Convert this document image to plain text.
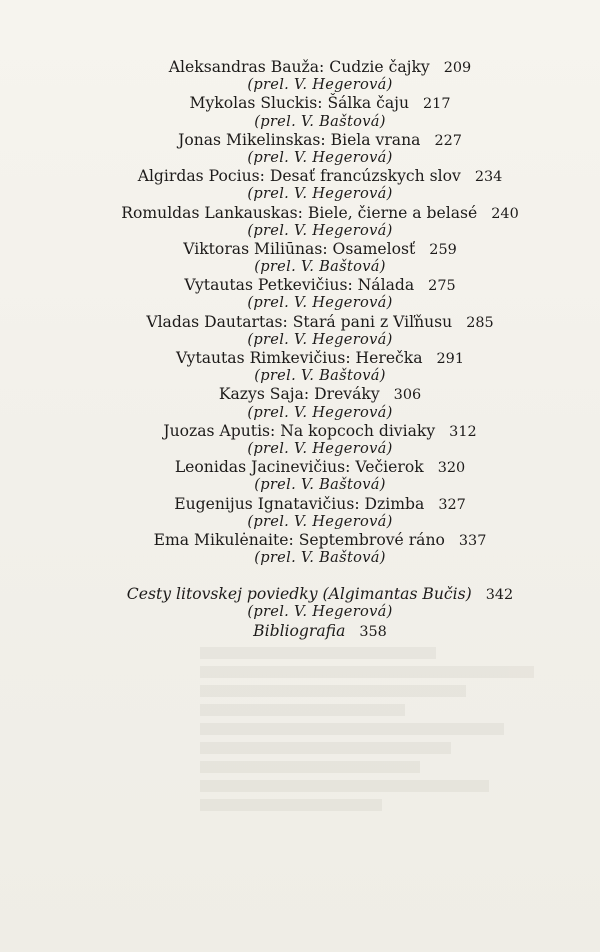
Aleksandras Bauža: Cudzie čajky 209
(prel. V. Hegerová)
Mykolas Sluckis: Šálka čaju 217
(prel. V. Baštová)
Jonas Mikelinskas: Biela vrana 227
(prel. V. Hegerová)
Algirdas Pocius: Desať francúzskych slov 234
(prel. V. Hegerová)
Romuldas Lankauskas: Biele, čierne a belasé 240
(prel. V. Hegerová)
Viktoras Miliūnas: Osamelosť 259
(prel. V. Baštová)
Vytautas Petkevičius: Nálada 275
(prel. V. Hegerová)
Vladas Dautartas: Stará pani z Viľňusu 285
(prel. V. Hegerová)
Vytautas Rimkevičius: Herečka 291
(prel. V. Baštová)
Kazys Saja: Dreváky 306
(prel. V. Hegerová)
Juozas Aputis: Na kopcoch diviaky 312
(prel. V. Hegerová)
Leonidas Jacinevičius: Večierok 320
(prel. V. Baštová)
Eugenijus Ignatavičius: Dzimba 327
(prel. V. Hegerová)
Ema Mikulėnaite: Septembrové ráno 337
(prel. V. Baštová)
Cesty litovskej poviedky (Algimantas Bučis) 342
(prel. V. Hegerová)
Bibliografia 358
